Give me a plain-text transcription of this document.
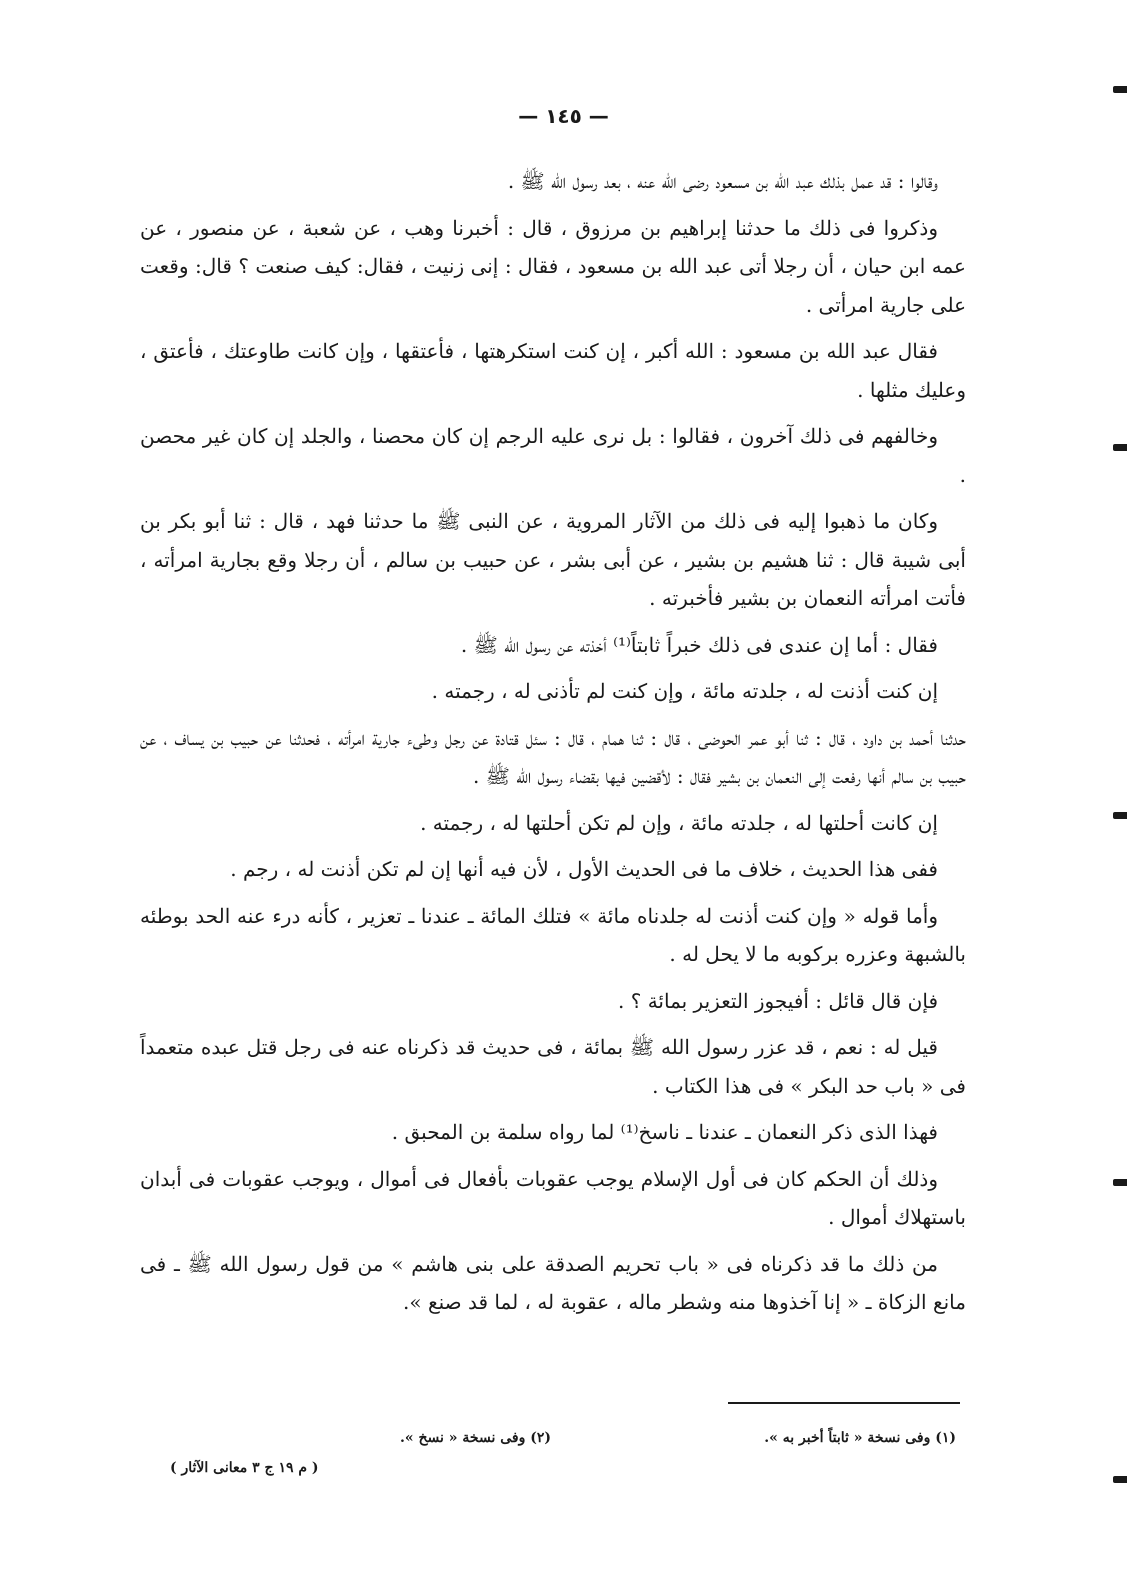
— ١٤٥ —

وقالوا : قد عمل بذلك عبد الله بن مسعود رضى الله عنه ، بعد رسول الله ﷺ .

وذكروا فى ذلك ما حدثنا إبراهيم بن مرزوق ، قال : أخبرنا وهب ، عن شعبة ، عن منصور ، عن عمه ابن حيان ، أن رجلا أتى عبد الله بن مسعود ، فقال : إنى زنيت ، فقال: كيف صنعت ؟ قال: وقعت على جارية امرأتى .

فقال عبد الله بن مسعود : الله أكبر ، إن كنت استكرهتها ، فأعتقها ، وإن كانت طاوعتك ، فأعتق ، وعليك مثلها .

وخالفهم فى ذلك آخرون ، فقالوا : بل نرى عليه الرجم إن كان محصنا ، والجلد إن كان غير محصن .

وكان ما ذهبوا إليه فى ذلك من الآثار المروية ، عن النبى ﷺ ما حدثنا فهد ، قال : ثنا أبو بكر بن أبى شيبة قال : ثنا هشيم بن بشير ، عن أبى بشر ، عن حبيب بن سالم ، أن رجلا وقع بجارية امرأته ، فأتت امرأته النعمان بن بشير فأخبرته .

فقال : أما إن عندى فى ذلك خبراً ثابتاً⁽¹⁾ أخذته عن رسول الله ﷺ .

إن كنت أذنت له ، جلدته مائة ، وإن كنت لم تأذنى له ، رجمته .

حدثنا أحمد بن داود ، قال : ثنا أبو عمر الحوضى ، قال : ثنا همام ، قال : سئل قتادة عن رجل وطىء جارية امرأته ، فحدثنا عن حبيب بن يساف ، عن حبيب بن سالم أنها رفعت إلى النعمان بن بشير فقال : لأقضين فيها بقضاء رسول الله ﷺ .

إن كانت أحلتها له ، جلدته مائة ، وإن لم تكن أحلتها له ، رجمته .

ففى هذا الحديث ، خلاف ما فى الحديث الأول ، لأن فيه أنها إن لم تكن أذنت له ، رجم .

وأما قوله « وإن كنت أذنت له جلدناه مائة » فتلك المائة ـ عندنا ـ تعزير ، كأنه درء عنه الحد بوطئه بالشبهة وعزره بركوبه ما لا يحل له .

فإن قال قائل : أفيجوز التعزير بمائة ؟ .

قيل له : نعم ، قد عزر رسول الله ﷺ بمائة ، فى حديث قد ذكرناه عنه فى رجل قتل عبده متعمداً فى « باب حد البكر » فى هذا الكتاب .

فهذا الذى ذكر النعمان ـ عندنا ـ ناسخ⁽¹⁾ لما رواه سلمة بن المحبق .

وذلك أن الحكم كان فى أول الإسلام يوجب عقوبات بأفعال فى أموال ، ويوجب عقوبات فى أبدان باستهلاك أموال .

من ذلك ما قد ذكرناه فى « باب تحريم الصدقة على بنى هاشم » من قول رسول الله ﷺ ـ فى مانع الزكاة ـ « إنا آخذوها منه وشطر ماله ، عقوبة له ، لما قد صنع ».

(١) وفى نسخة « ثابتاً أخبر به ».
(٢) وفى نسخة « نسخ ».
( م ١٩ ج ٣ معانى الآثار )
